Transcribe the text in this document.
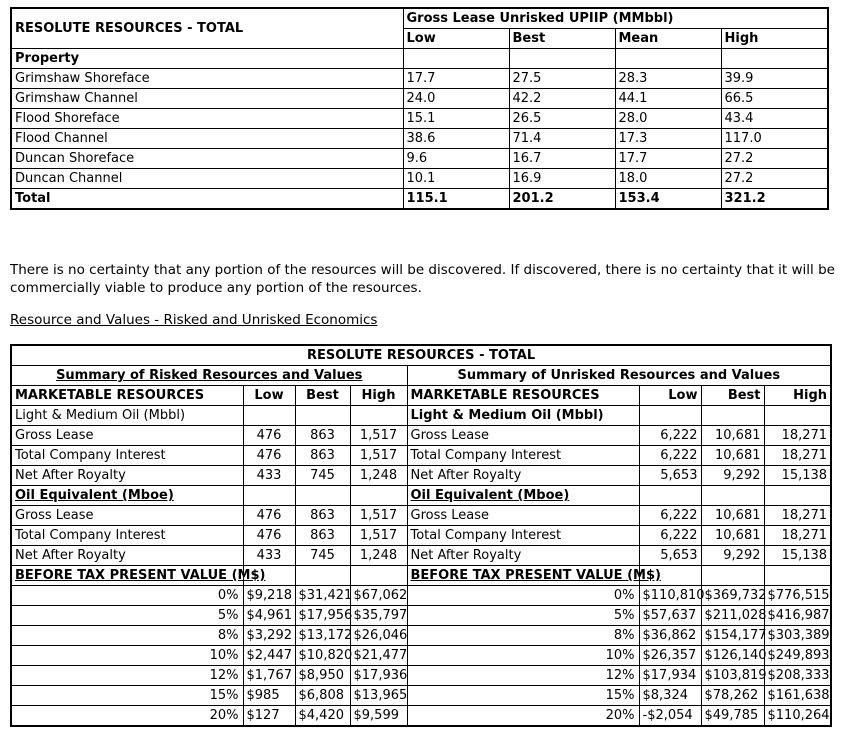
RESOLUTE RESOURCES - TOTAL	Gross Lease Unrisked UPIIP (MMbbl)			
	Low	Best	Mean	High
Property				
Grimshaw Shoreface	17.7	27.5	28.3	39.9
Grimshaw Channel	24.0	42.2	44.1	66.5
Flood Shoreface	15.1	26.5	28.0	43.4
Flood Channel	38.6	71.4	17.3	117.0
Duncan Shoreface	9.6	16.7	17.7	27.2
Duncan Channel	10.1	16.9	18.0	27.2
Total	115.1	201.2	153.4	321.2

There is no certainty that any portion of the resources will be discovered. If discovered, there is no certainty that it will be commercially viable to produce any portion of the resources.

Resource and Values - Risked and Unrisked Economics
RESOLUTE RESOURCES - TOTAL							
Summary of Risked Resources and Values				Summary of Unrisked Resources and Values			
MARKETABLE RESOURCES	Low	Best	High	MARKETABLE RESOURCES	Low	Best	High
Light & Medium Oil (Mbbl)				Light & Medium Oil (Mbbl)			
Gross Lease	476	863	1,517	Gross Lease	6,222	10,681	18,271
Total Company Interest	476	863	1,517	Total Company Interest	6,222	10,681	18,271
Net After Royalty	433	745	1,248	Net After Royalty	5,653	9,292	15,138
Oil Equivalent (Mboe)				Oil Equivalent (Mboe)			
Gross Lease	476	863	1,517	Gross Lease	6,222	10,681	18,271
Total Company Interest	476	863	1,517	Total Company Interest	6,222	10,681	18,271
Net After Royalty	433	745	1,248	Net After Royalty	5,653	9,292	15,138
BEFORE TAX PRESENT VALUE (M$)				BEFORE TAX PRESENT VALUE (M$)			
0%	$9,218	$31,421	$67,062	0%	$110,810	$369,732	$776,515
5%	$4,961	$17,956	$35,797	5%	$57,637	$211,028	$416,987
8%	$3,292	$13,172	$26,046	8%	$36,862	$154,177	$303,389
10%	$2,447	$10,820	$21,477	10%	$26,357	$126,140	$249,893
12%	$1,767	$8,950	$17,936	12%	$17,934	$103,819	$208,333
15%	$985	$6,808	$13,965	15%	$8,324	$78,262	$161,638
20%	$127	$4,420	$9,599	20%	-$2,054	$49,785	$110,264
